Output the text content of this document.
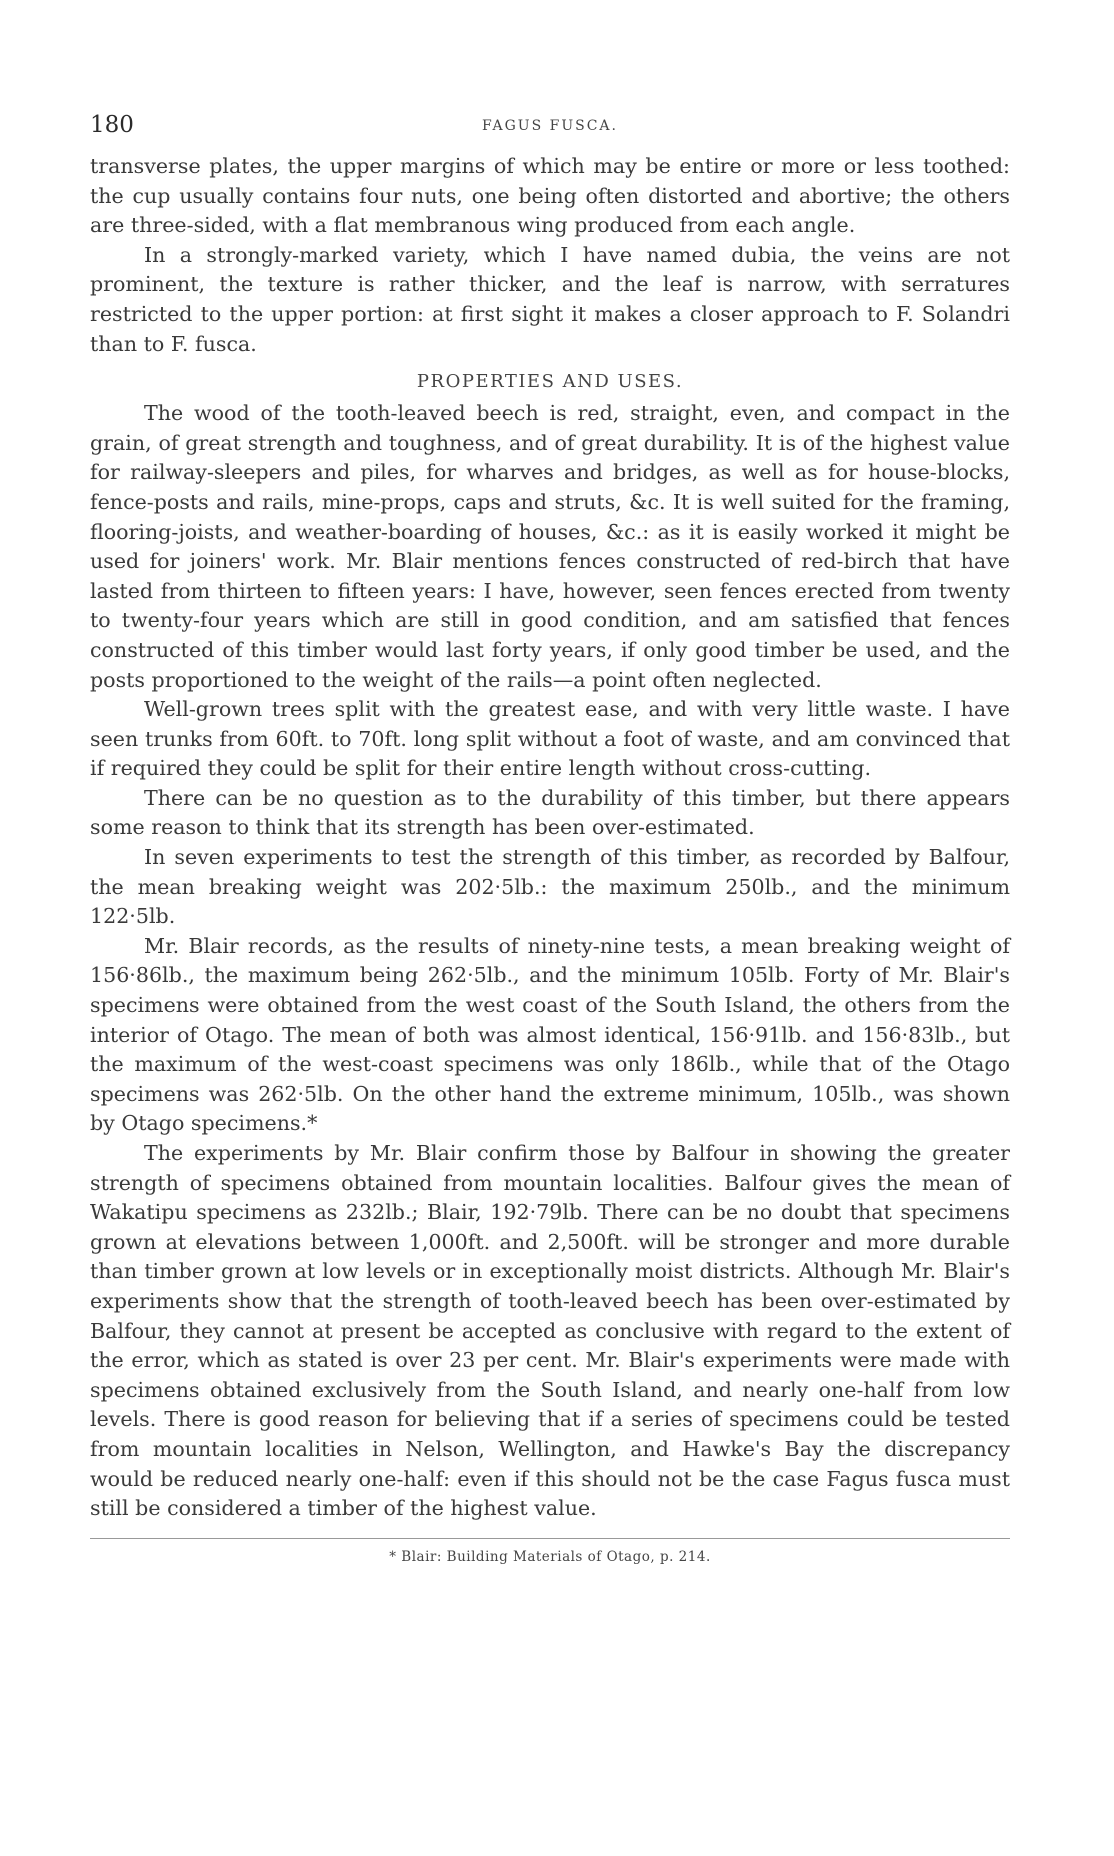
180	FAGUS FUSCA.

transverse plates, the upper margins of which may be entire or more or less toothed: the cup usually contains four nuts, one being often distorted and abortive; the others are three-sided, with a flat membranous wing produced from each angle.

In a strongly-marked variety, which I have named dubia, the veins are not prominent, the texture is rather thicker, and the leaf is narrow, with serratures restricted to the upper portion: at first sight it makes a closer approach to F. Solandri than to F. fusca.

PROPERTIES AND USES.

The wood of the tooth-leaved beech is red, straight, even, and compact in the grain, of great strength and toughness, and of great durability. It is of the highest value for railway-sleepers and piles, for wharves and bridges, as well as for house-blocks, fence-posts and rails, mine-props, caps and struts, &c. It is well suited for the framing, flooring-joists, and weather-boarding of houses, &c.: as it is easily worked it might be used for joiners' work. Mr. Blair mentions fences constructed of red-birch that have lasted from thirteen to fifteen years: I have, however, seen fences erected from twenty to twenty-four years which are still in good condition, and am satisfied that fences constructed of this timber would last forty years, if only good timber be used, and the posts proportioned to the weight of the rails—a point often neglected.

Well-grown trees split with the greatest ease, and with very little waste. I have seen trunks from 60ft. to 70ft. long split without a foot of waste, and am convinced that if required they could be split for their entire length without cross-cutting.

There can be no question as to the durability of this timber, but there appears some reason to think that its strength has been over-estimated.

In seven experiments to test the strength of this timber, as recorded by Balfour, the mean breaking weight was 202·5lb.: the maximum 250lb., and the minimum 122·5lb.

Mr. Blair records, as the results of ninety-nine tests, a mean breaking weight of 156·86lb., the maximum being 262·5lb., and the minimum 105lb. Forty of Mr. Blair's specimens were obtained from the west coast of the South Island, the others from the interior of Otago. The mean of both was almost identical, 156·91lb. and 156·83lb., but the maximum of the west-coast specimens was only 186lb., while that of the Otago specimens was 262·5lb. On the other hand the extreme minimum, 105lb., was shown by Otago specimens.*

The experiments by Mr. Blair confirm those by Balfour in showing the greater strength of specimens obtained from mountain localities. Balfour gives the mean of Wakatipu specimens as 232lb.; Blair, 192·79lb. There can be no doubt that specimens grown at elevations between 1,000ft. and 2,500ft. will be stronger and more durable than timber grown at low levels or in exceptionally moist districts. Although Mr. Blair's experiments show that the strength of tooth-leaved beech has been over-estimated by Balfour, they cannot at present be accepted as conclusive with regard to the extent of the error, which as stated is over 23 per cent. Mr. Blair's experiments were made with specimens obtained exclusively from the South Island, and nearly one-half from low levels. There is good reason for believing that if a series of specimens could be tested from mountain localities in Nelson, Wellington, and Hawke's Bay the discrepancy would be reduced nearly one-half: even if this should not be the case Fagus fusca must still be considered a timber of the highest value.

* Blair: Building Materials of Otago, p. 214.
